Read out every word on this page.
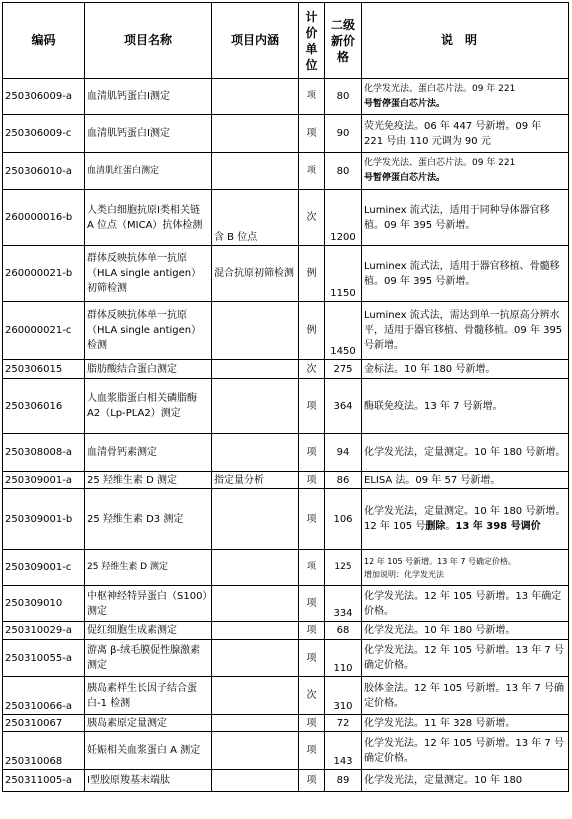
编码	项目名称	项目内涵	计价单位	二级新价格	说明
250306009-a	血清肌钙蛋白Ⅰ测定		项	80	化学发光法、蛋白芯片法。09 年 221
号暂停蛋白芯片法。
250306009-c	血清肌钙蛋白Ⅰ测定		项	90	荧光免疫法。06 年 447 号新增。09 年
221 号由 110 元调为 90 元
250306010-a	血清肌红蛋白测定		项	80	化学发光法、蛋白芯片法。09 年 221
号暂停蛋白芯片法。
260000016-b	人类白细胞抗原Ⅰ类相关链 A 位点（MICA）抗体检测	含 B 位点	次	1200	Luminex 流式法，适用于同种导体器官移植。09 年 395 号新增。
260000021-b	群体反映抗体单一抗原（HLA single antigen）初筛检测	混合抗原初筛检测	例	1150	Luminex 流式法，适用于器官移植、骨髓移植。09 年 395 号新增。
260000021-c	群体反映抗体单一抗原（HLA single antigen）检测		例	1450	Luminex 流式法，需达到单一抗原高分辨水平，适用于器官移植、骨髓移植。09 年 395 号新增。
250306015	脂肪酸结合蛋白测定		次	275	金标法。10 年 180 号新增。
250306016	人血浆脂蛋白相关磷脂酶 A2（Lp-PLA2）测定		项	364	酶联免疫法。13 年 7 号新增。
250308008-a	血清骨钙素测定		项	94	化学发光法，定量测定。10 年 180 号新增。
250309001-a	25 羟维生素 D 测定	指定量分析	项	86	ELISA 法。09 年 57 号新增。
250309001-b	25 羟维生素 D3 测定		项	106	化学发光法，定量测定。10 年 180 号新增。12 年 105 号删除。13 年 398 号调价
250309001-c	25 羟维生素 D 测定		项	125	12 年 105 号新增。13 年 7 号确定价格。
增加说明：化学发光法
250309010	中枢神经特异蛋白（S100）测定		项	334	化学发光法。12 年 105 号新增。13 年确定价格。
250310029-a	促红细胞生成素测定		项	68	化学发光法。10 年 180 号新增。
250310055-a	游离 β-绒毛膜促性腺激素测定		项	110	化学发光法。12 年 105 号新增。13 年 7 号确定价格。
250310066-a	胰岛素样生长因子结合蛋白-1 检测		次	310	胶体金法。12 年 105 号新增。13 年 7 号确定价格。
250310067	胰岛素原定量测定		项	72	化学发光法。11 年 328 号新增。
250310068	妊娠相关血浆蛋白 A 测定		项	143	化学发光法。12 年 105 号新增。13 年 7 号确定价格。
250311005-a	Ⅰ型胶原羧基末端肽		项	89	化学发光法，定量测定。10 年 180
